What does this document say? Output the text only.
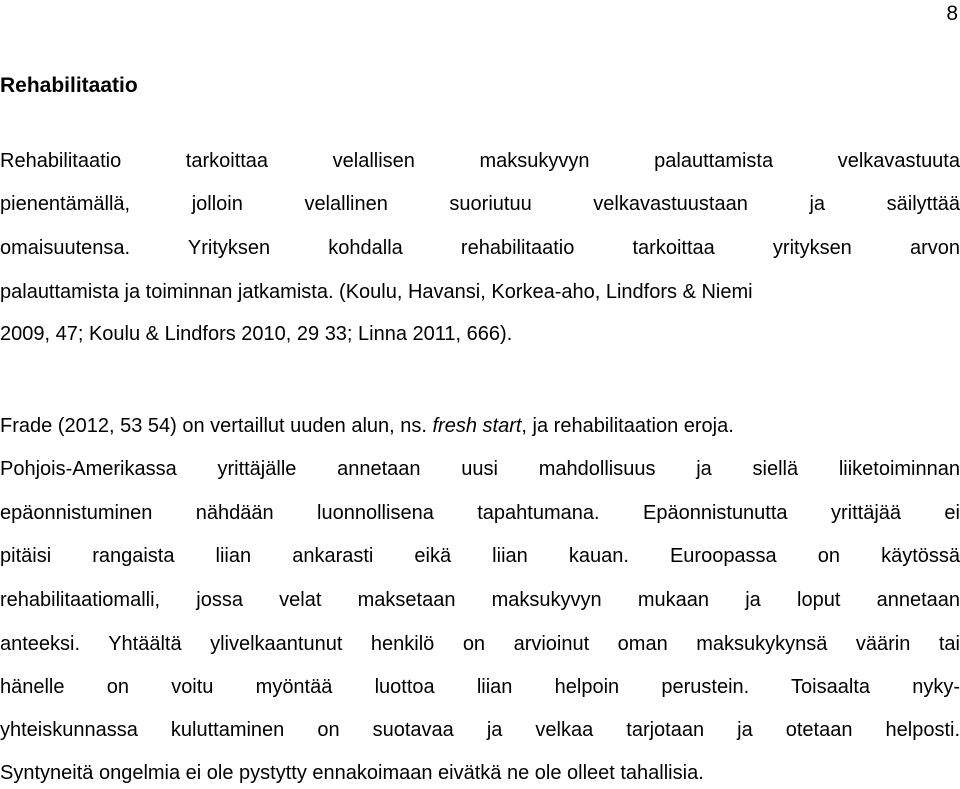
8
Rehabilitaatio
Rehabilitaatio tarkoittaa velallisen maksukyvyn palauttamista velkavastuuta
pienentämällä, jolloin velallinen suoriutuu velkavastuustaan ja säilyttää
omaisuutensa. Yrityksen kohdalla rehabilitaatio tarkoittaa yrityksen arvon
palauttamista ja toiminnan jatkamista. (Koulu, Havansi, Korkea-aho, Lindfors & Niemi
2009, 47; Koulu & Lindfors 2010, 29 33; Linna 2011, 666).
Frade (2012, 53 54) on vertaillut uuden alun, ns. fresh start, ja rehabilitaation eroja.
Pohjois-Amerikassa yrittäjälle annetaan uusi mahdollisuus ja siellä liiketoiminnan
epäonnistuminen nähdään luonnollisena tapahtumana. Epäonnistunutta yrittäjää ei
pitäisi rangaista liian ankarasti eikä liian kauan. Euroopassa on käytössä
rehabilitaatiomalli, jossa velat maksetaan maksukyvyn mukaan ja loput annetaan
anteeksi. Yhtäältä ylivelkaantunut henkilö on arvioinut oman maksukykynsä väärin tai
hänelle on voitu myöntää luottoa liian helpoin perustein. Toisaalta nyky-
yhteiskunnassa kuluttaminen on suotavaa ja velkaa tarjotaan ja otetaan helposti.
Syntyneitä ongelmia ei ole pystytty ennakoimaan eivätkä ne ole olleet tahallisia.
